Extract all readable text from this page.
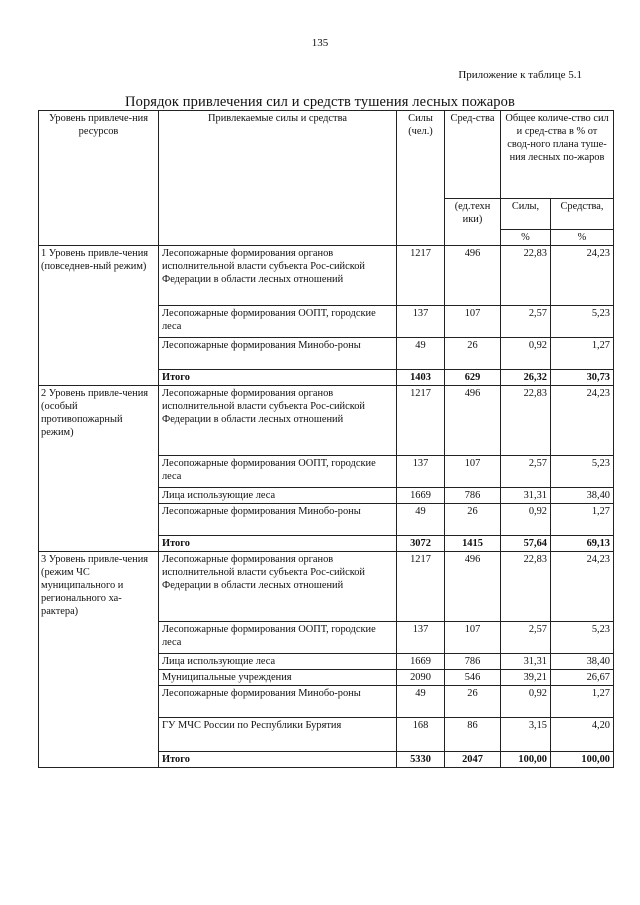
135
Приложение к таблице 5.1
Порядок привлечения сил и средств тушения лесных пожаров
Уровень привлече-ния ресурсов	Привлекаемые силы и средства	Силы (чел.)	Сред-ства	Общее количе-ство сил и сред-ства в % от свод-ного плана туше-ния лесных по-жаров	
			(ед.техн ики)	Силы,	Средства,
				%	%
1 Уровень привле-чения (повседнев-ный режим)	Лесопожарные формирования органов исполнительной власти субъекта Рос-сийской Федерации в области лесных отношений	1217	496	22,83	24,23
	Лесопожарные формирования ООПТ, городские леса	137	107	2,57	5,23
	Лесопожарные формирования Минобо-роны	49	26	0,92	1,27
	Итого	1403	629	26,32	30,73
2 Уровень привле-чения (особый противопожарный режим)	Лесопожарные формирования органов исполнительной власти субъекта Рос-сийской Федерации в области лесных отношений	1217	496	22,83	24,23
	Лесопожарные формирования ООПТ, городские леса	137	107	2,57	5,23
	Лица использующие леса	1669	786	31,31	38,40
	Лесопожарные формирования Минобо-роны	49	26	0,92	1,27
	Итого	3072	1415	57,64	69,13
3 Уровень привле-чения (режим ЧС муниципального и регионального ха-рактера)	Лесопожарные формирования органов исполнительной власти субъекта Рос-сийской Федерации в области лесных отношений	1217	496	22,83	24,23
	Лесопожарные формирования ООПТ, городские леса	137	107	2,57	5,23
	Лица использующие леса	1669	786	31,31	38,40
	Муниципальные учреждения	2090	546	39,21	26,67
	Лесопожарные формирования Минобо-роны	49	26	0,92	1,27
	ГУ МЧС России по Республики Бурятия	168	86	3,15	4,20
	Итого	5330	2047	100,00	100,00
